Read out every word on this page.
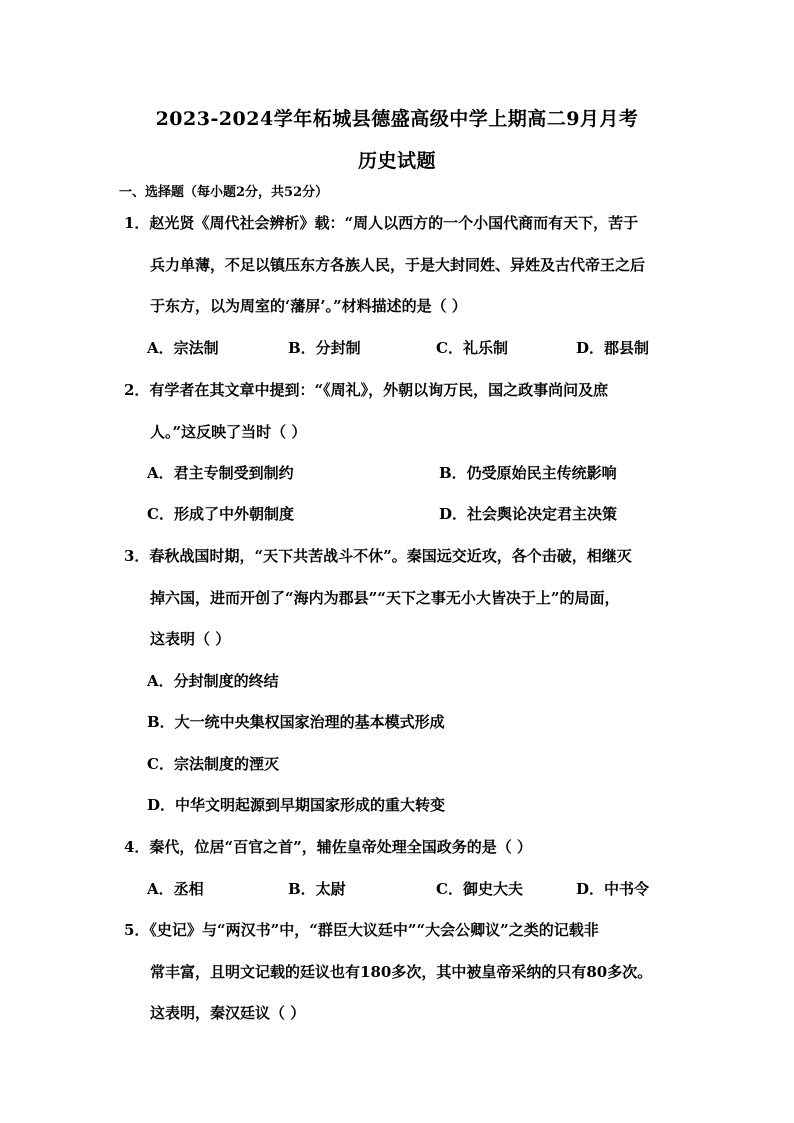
2023-2024学年柘城县德盛高级中学上期高二9月月考
历史试题
一、选择题（每小题2分，共52分）
1．赵光贤《周代社会辨析》载：“周人以西方的一个小国代商而有天下，苦于
兵力单薄，不足以镇压东方各族人民，于是大封同姓、异姓及古代帝王之后
于东方，以为周室的‘藩屏’。”材料描述的是（ ）
A．宗法制	B．分封制	C．礼乐制	D．郡县制
2．有学者在其文章中提到：“《周礼》，外朝以询万民，国之政事尚问及庶
人。”这反映了当时（ ）
A．君主专制受到制约	B．仍受原始民主传统影响
C．形成了中外朝制度	D．社会舆论决定君主决策
3．春秋战国时期，“天下共苦战斗不休”。秦国远交近攻，各个击破，相继灭
掉六国，进而开创了“海内为郡县”“天下之事无小大皆决于上”的局面，
这表明（ ）
A．分封制度的终结
B．大一统中央集权国家治理的基本模式形成
C．宗法制度的湮灭
D．中华文明起源到早期国家形成的重大转变
4．秦代，位居“百官之首”，辅佐皇帝处理全国政务的是（ ）
A．丞相	B．太尉	C．御史大夫	D．中书令
5．《史记》与“两汉书”中，“群臣大议廷中”“大会公卿议”之类的记载非
常丰富，且明文记载的廷议也有180多次，其中被皇帝采纳的只有80多次。
这表明，秦汉廷议（ ）
